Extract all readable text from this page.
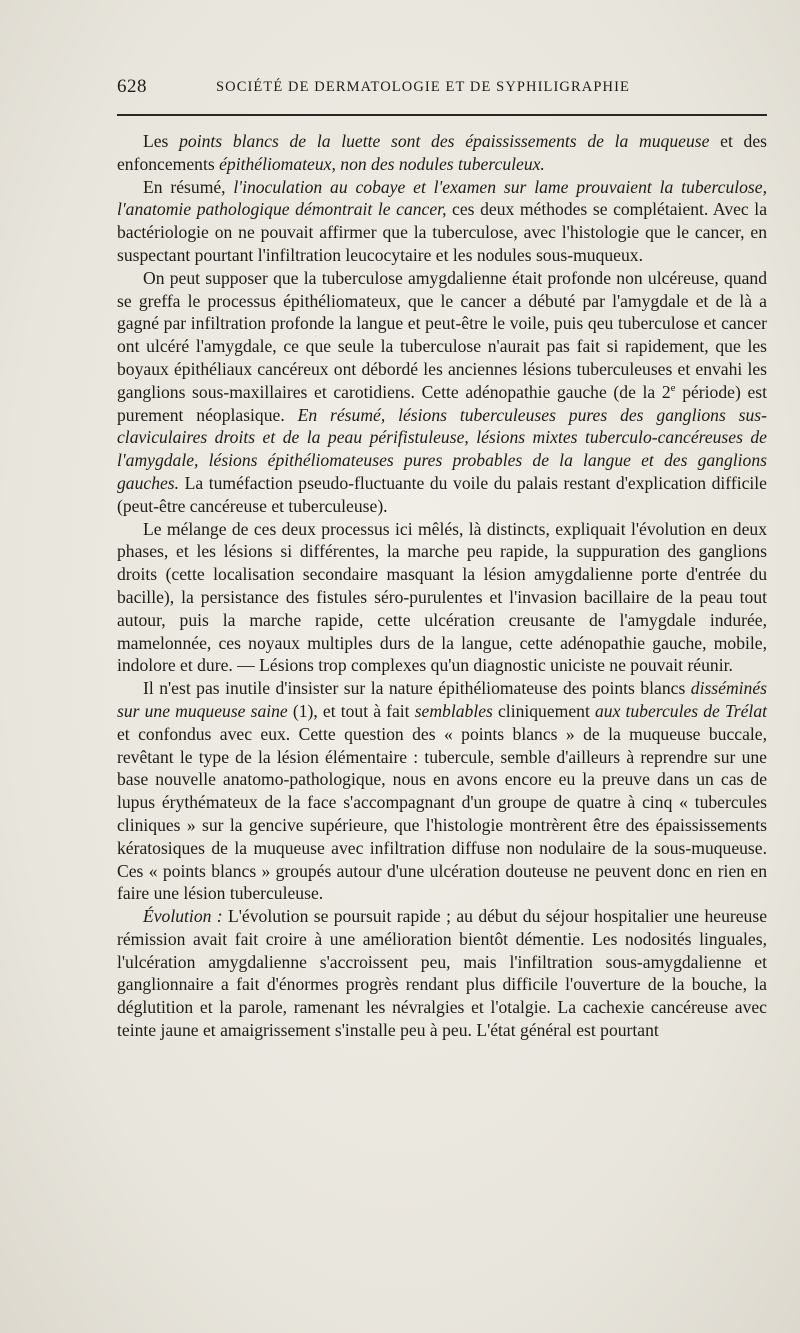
628	SOCIÉTÉ DE DERMATOLOGIE ET DE SYPHILIGRAPHIE

Les points blancs de la luette sont des épaississements de la muqueuse et des enfoncements épithéliomateux, non des nodules tuberculeux.

En résumé, l'inoculation au cobaye et l'examen sur lame prouvaient la tuberculose, l'anatomie pathologique démontrait le cancer, ces deux méthodes se complétaient. Avec la bactériologie on ne pouvait affirmer que la tuberculose, avec l'histologie que le cancer, en suspectant pourtant l'infiltration leucocytaire et les nodules sous-muqueux.

On peut supposer que la tuberculose amygdalienne était profonde non ulcéreuse, quand se greffa le processus épithéliomateux, que le cancer a débuté par l'amygdale et de là a gagné par infiltration profonde la langue et peut-être le voile, puis qeu tuberculose et cancer ont ulcéré l'amygdale, ce que seule la tuberculose n'aurait pas fait si rapidement, que les boyaux épithéliaux cancéreux ont débordé les anciennes lésions tuberculeuses et envahi les ganglions sous-maxillaires et carotidiens. Cette adénopathie gauche (de la 2e période) est purement néoplasique. En résumé, lésions tuberculeuses pures des ganglions sus-claviculaires droits et de la peau périfistuleuse, lésions mixtes tuberculo-cancéreuses de l'amygdale, lésions épithéliomateuses pures probables de la langue et des ganglions gauches. La tuméfaction pseudo-fluctuante du voile du palais restant d'explication difficile (peut-être cancéreuse et tuberculeuse).

Le mélange de ces deux processus ici mêlés, là distincts, expliquait l'évolution en deux phases, et les lésions si différentes, la marche peu rapide, la suppuration des ganglions droits (cette localisation secondaire masquant la lésion amygdalienne porte d'entrée du bacille), la persistance des fistules séro-purulentes et l'invasion bacillaire de la peau tout autour, puis la marche rapide, cette ulcération creusante de l'amygdale indurée, mamelonnée, ces noyaux multiples durs de la langue, cette adénopathie gauche, mobile, indolore et dure. — Lésions trop complexes qu'un diagnostic uniciste ne pouvait réunir.

Il n'est pas inutile d'insister sur la nature épithéliomateuse des points blancs disséminés sur une muqueuse saine (1), et tout à fait semblables cliniquement aux tubercules de Trélat et confondus avec eux. Cette question des « points blancs » de la muqueuse buccale, revêtant le type de la lésion élémentaire : tubercule, semble d'ailleurs à reprendre sur une base nouvelle anatomo-pathologique, nous en avons encore eu la preuve dans un cas de lupus érythémateux de la face s'accompagnant d'un groupe de quatre à cinq « tubercules cliniques » sur la gencive supérieure, que l'histologie montrèrent être des épaississements kératosiques de la muqueuse avec infiltration diffuse non nodulaire de la sous-muqueuse. Ces « points blancs » groupés autour d'une ulcération douteuse ne peuvent donc en rien en faire une lésion tuberculeuse.

Évolution : L'évolution se poursuit rapide ; au début du séjour hospitalier une heureuse rémission avait fait croire à une amélioration bientôt démentie. Les nodosités linguales, l'ulcération amygdalienne s'accroissent peu, mais l'infiltration sous-amygdalienne et ganglionnaire a fait d'énormes progrès rendant plus difficile l'ouverture de la bouche, la déglutition et la parole, ramenant les névralgies et l'otalgie. La cachexie cancéreuse avec teinte jaune et amaigrissement s'installe peu à peu. L'état général est pourtant
